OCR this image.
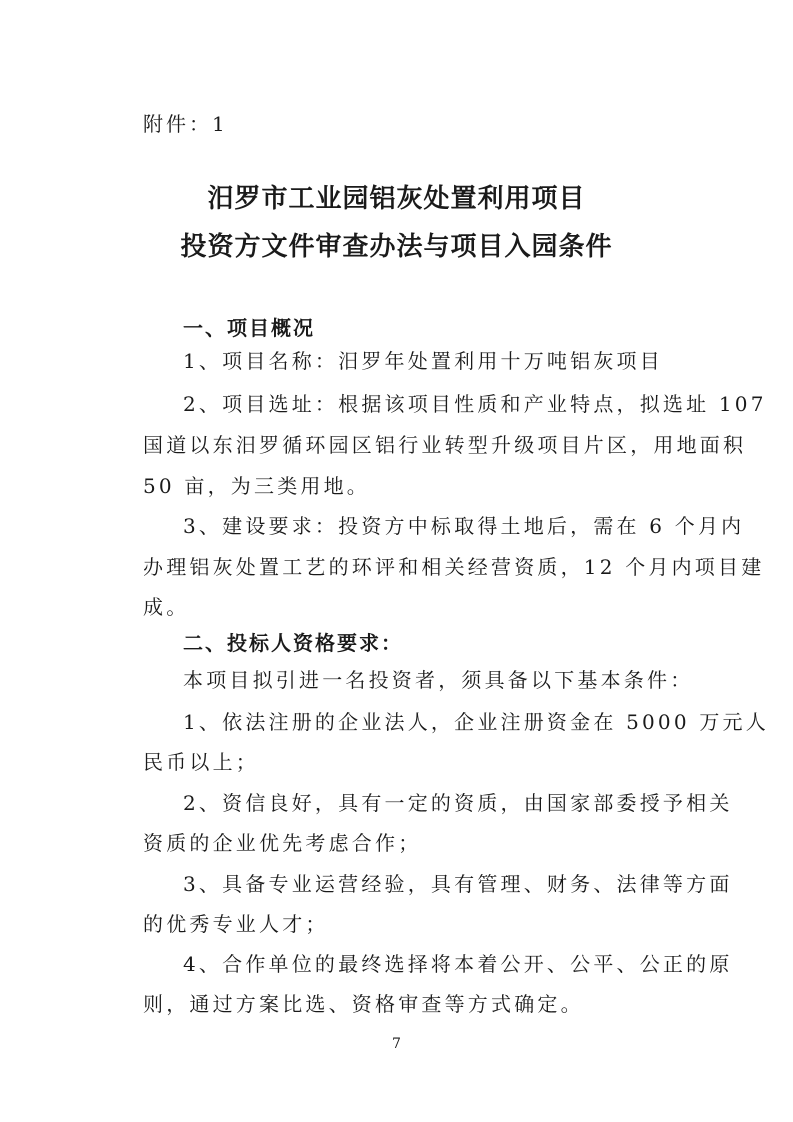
附件：1
汨罗市工业园铝灰处置利用项目
投资方文件审查办法与项目入园条件
一、项目概况
1、项目名称：汨罗年处置利用十万吨铝灰项目
2、项目选址：根据该项目性质和产业特点，拟选址 107
国道以东汨罗循环园区铝行业转型升级项目片区，用地面积
50 亩，为三类用地。
3、建设要求：投资方中标取得土地后，需在 6 个月内
办理铝灰处置工艺的环评和相关经营资质，12 个月内项目建
成。
二、投标人资格要求：
本项目拟引进一名投资者，须具备以下基本条件：
1、依法注册的企业法人，企业注册资金在 5000 万元人
民币以上；
2、资信良好，具有一定的资质，由国家部委授予相关
资质的企业优先考虑合作；
3、具备专业运营经验，具有管理、财务、法律等方面
的优秀专业人才；
4、合作单位的最终选择将本着公开、公平、公正的原
则，通过方案比选、资格审查等方式确定。
7
